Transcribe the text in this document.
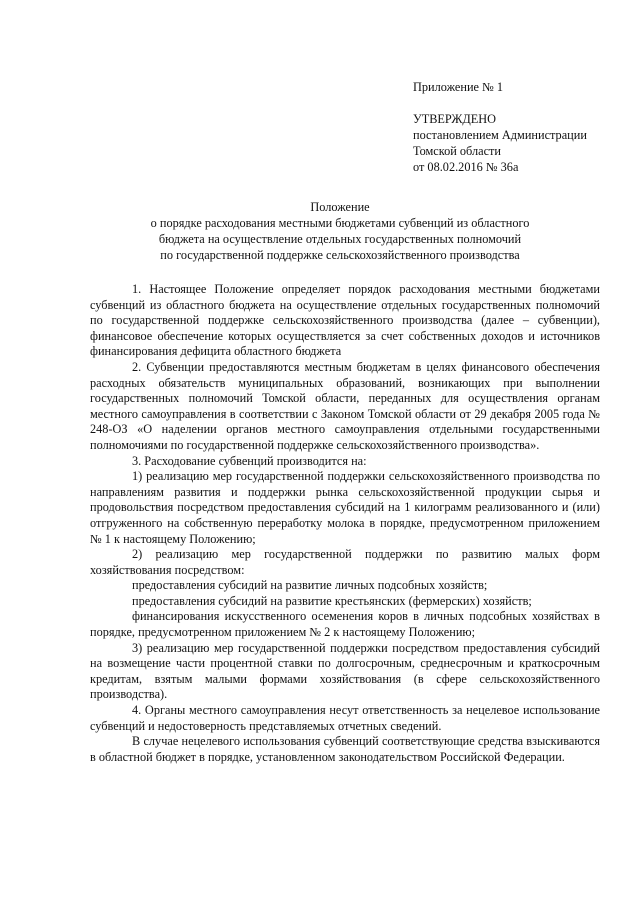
Приложение № 1
УТВЕРЖДЕНО
постановлением Администрации
Томской области
от 08.02.2016 № 36а
Положение
о порядке расходования местными бюджетами субвенций из областного
бюджета на осуществление отдельных государственных полномочий
по государственной поддержке сельскохозяйственного производства

1. Настоящее Положение определяет порядок расходования местными бюджетами субвенций из областного бюджета на осуществление отдельных государственных полномочий по государственной поддержке сельскохозяйственного производства (далее – субвенции), финансовое обеспечение которых осуществляется за счет собственных доходов и источников финансирования дефицита областного бюджета

2. Субвенции предоставляются местным бюджетам в целях финансового обеспечения расходных обязательств муниципальных образований, возникающих при выполнении государственных полномочий Томской области, переданных для осуществления органам местного самоуправления в соответствии с Законом Томской области от 29 декабря 2005 года № 248-ОЗ «О наделении органов местного самоуправления отдельными государственными полномочиями по государственной поддержке сельскохозяйственного производства».

3. Расходование субвенций производится на:

1) реализацию мер государственной поддержки сельскохозяйственного производства по направлениям развития и поддержки рынка сельскохозяйственной продукции сырья и продовольствия посредством предоставления субсидий на 1 килограмм реализованного и (или) отгруженного на собственную переработку молока в порядке, предусмотренном приложением № 1 к настоящему Положению;

2) реализацию мер государственной поддержки по развитию малых форм хозяйствования посредством:

предоставления субсидий на развитие личных подсобных хозяйств;

предоставления субсидий на развитие крестьянских (фермерских) хозяйств;

финансирования искусственного осеменения коров в личных подсобных хозяйствах в порядке, предусмотренном приложением № 2 к настоящему Положению;

3) реализацию мер государственной поддержки посредством предоставления субсидий на возмещение части процентной ставки по долгосрочным, среднесрочным и краткосрочным кредитам, взятым малыми формами хозяйствования (в сфере сельскохозяйственного производства).

4. Органы местного самоуправления несут ответственность за нецелевое использование субвенций и недостоверность представляемых отчетных сведений.

В случае нецелевого использования субвенций соответствующие средства взыскиваются в областной бюджет в порядке, установленном законодательством Российской Федерации.
